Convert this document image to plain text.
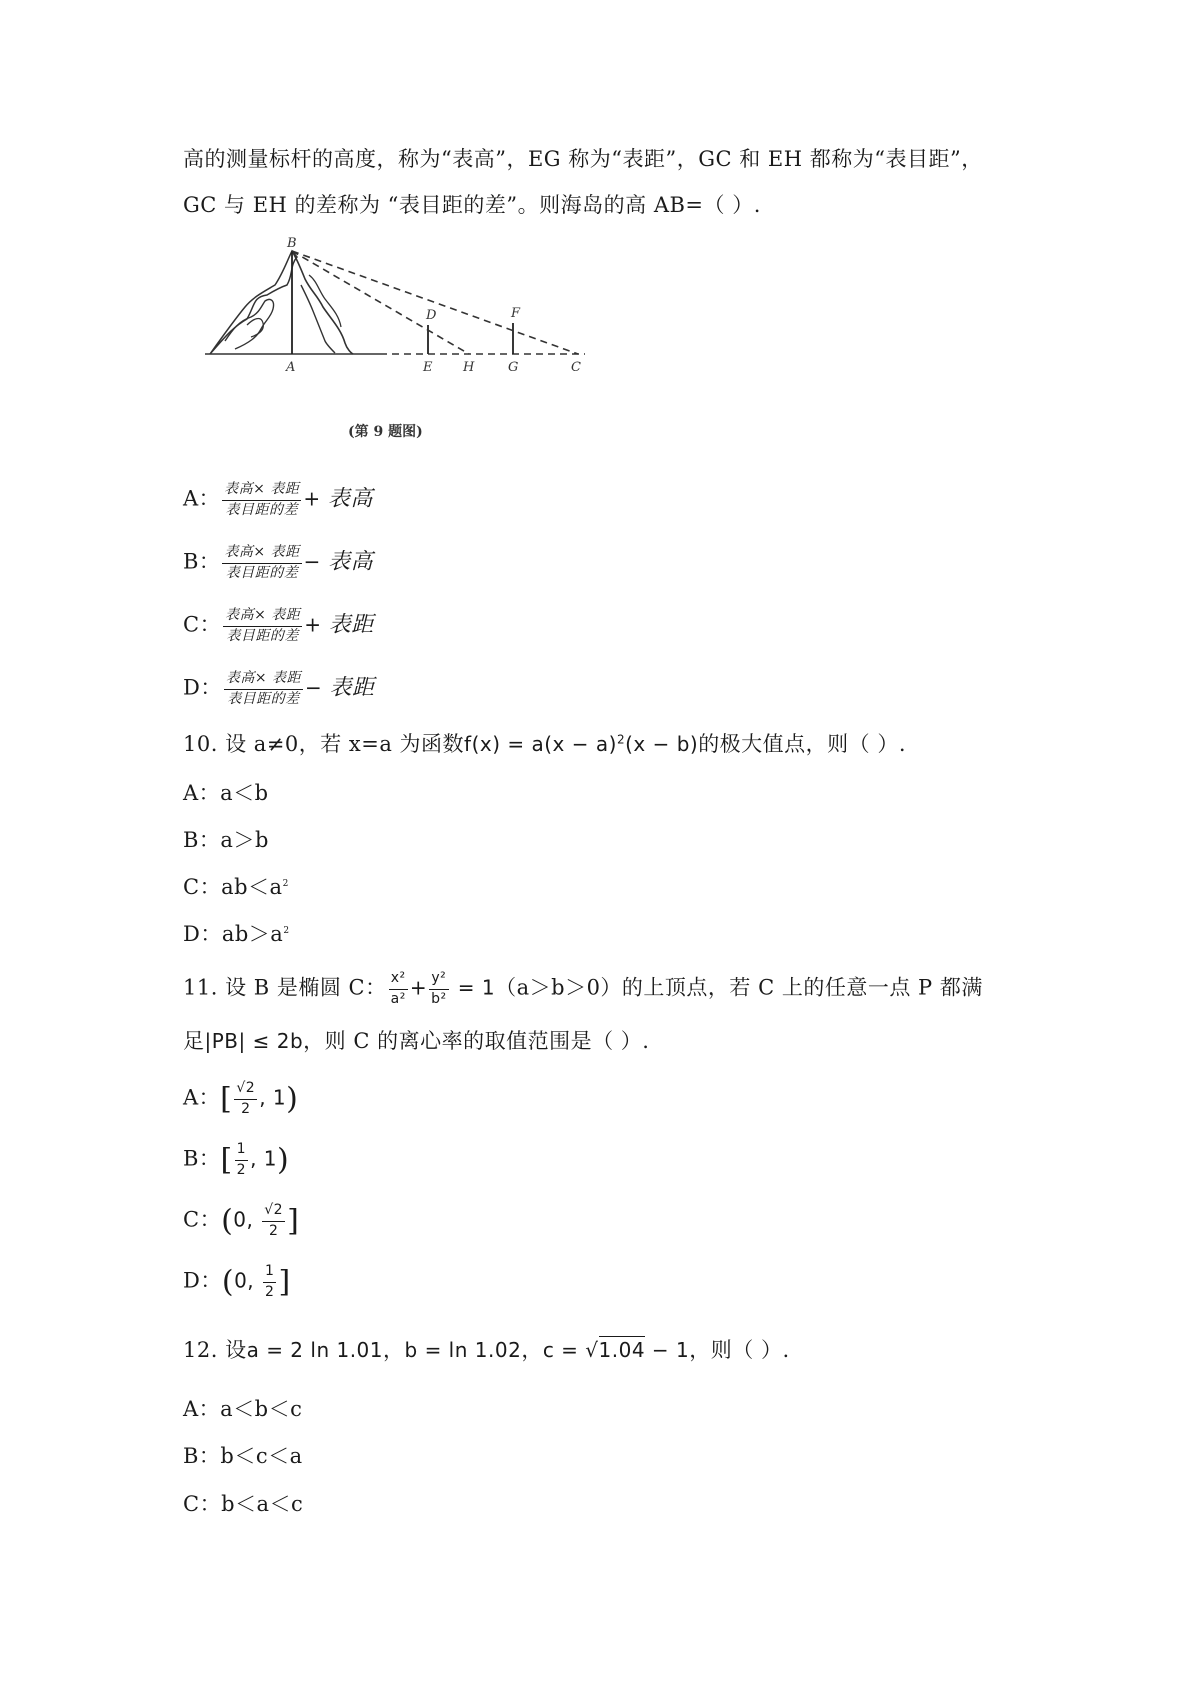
高的测量标杆的高度，称为“表高”，EG 称为“表距”，GC 和 EH 都称为“表目距”，
GC 与 EH 的差称为 “表目距的差”。则海岛的高 AB=（ ）.
B
A
D
E H
F
G	C
(第 9 题图)
A： $\frac{\text{表高× 表距}}{\text{表目距的差}}$ + 表高
B： $\frac{\text{表高× 表距}}{\text{表目距的差}}$ − 表高
C： $\frac{\text{表高× 表距}}{\text{表目距的差}}$ + 表距
D： $\frac{\text{表高× 表距}}{\text{表目距的差}}$ − 表距
10. 设 a≠0，若 x=a 为函数$f(x) = a(x - a)^2(x - b)$的极大值点，则（ ）.
A：a＜b
B：a＞b
C：$ab<a^2$
D：$ab>a^2$
11. 设 B 是椭圆 C： $\frac{\text{x²}}{\text{a²}} + \frac{\text{y²}}{\text{b²}} = 1(a>b>0)$的上顶点，若 C 上的任意一点 P 都满
足|PB| ≤ 2b，则 C 的离心率的取值范围是（ ）.
A：[ $\frac{√2}{2}$ , 1)
B：[ $\frac{1}{2}$ , 1)
C：(0, $\frac{√2}{2}$ ]
D：(0, $\frac{1}{2}$ ]
12. 设a = 2 ln 1.01，b = ln 1.02，c = √1.04 − 1，则（ ）.
A：a＜b＜c
B：b＜c＜a
C：b＜a＜c
